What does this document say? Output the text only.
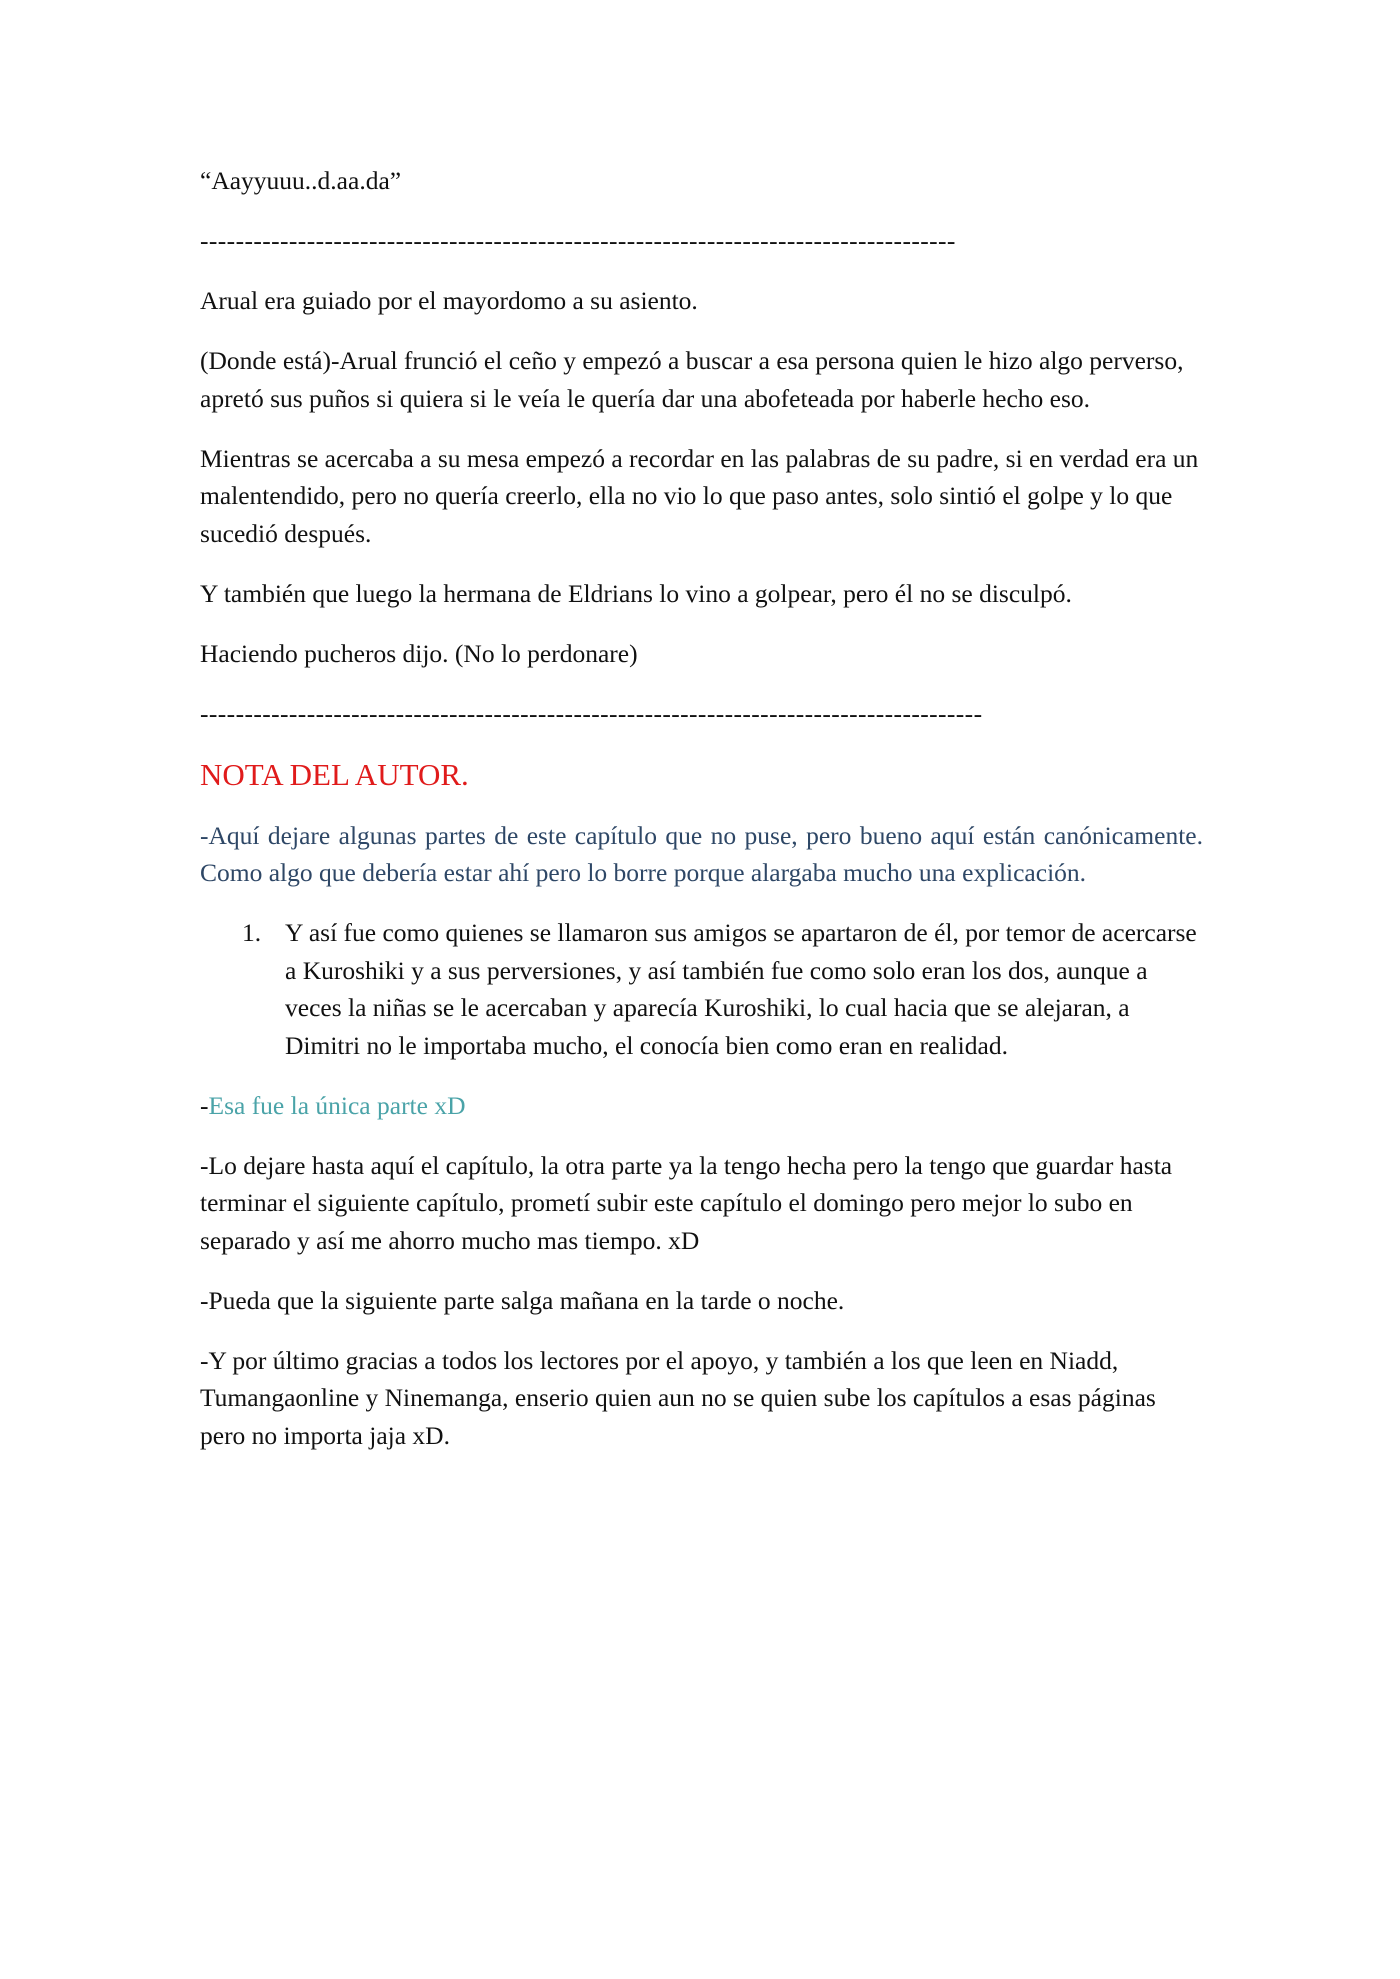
“Aayyuuu..d.aa.da”

-------------------------------------------------------------------------------------

Arual era guiado por el mayordomo a su asiento.

(Donde está)-Arual frunció el ceño y empezó a buscar a esa persona quien le hizo algo perverso, apretó sus puños si quiera si le veía le quería dar una abofeteada por haberle hecho eso.

Mientras se acercaba a su mesa empezó a recordar en las palabras de su padre, si en verdad era un malentendido, pero no quería creerlo, ella no vio lo que paso antes, solo sintió el golpe y lo que sucedió después.

Y también que luego la hermana de Eldrians lo vino a golpear, pero él no se disculpó.

Haciendo pucheros dijo. (No lo perdonare)

----------------------------------------------------------------------------------------

NOTA DEL AUTOR.

-Aquí dejare algunas partes de este capítulo que no puse, pero bueno aquí están canónicamente. Como algo que debería estar ahí pero lo borre porque alargaba mucho una explicación.

1. Y así fue como quienes se llamaron sus amigos se apartaron de él, por temor de acercarse a Kuroshiki y a sus perversiones, y así también fue como solo eran los dos, aunque a veces la niñas se le acercaban y aparecía Kuroshiki, lo cual hacia que se alejaran, a Dimitri no le importaba mucho, el conocía bien como eran en realidad.

-Esa fue la única parte xD

-Lo dejare hasta aquí el capítulo, la otra parte ya la tengo hecha pero la tengo que guardar hasta terminar el siguiente capítulo, prometí subir este capítulo el domingo pero mejor lo subo en separado y así me ahorro mucho mas tiempo. xD

-Pueda que la siguiente parte salga mañana en la tarde o noche.

-Y por último gracias a todos los lectores por el apoyo, y también a los que leen en Niadd, Tumangaonline y Ninemanga, enserio quien aun no se quien sube los capítulos a esas páginas pero no importa jaja xD.
